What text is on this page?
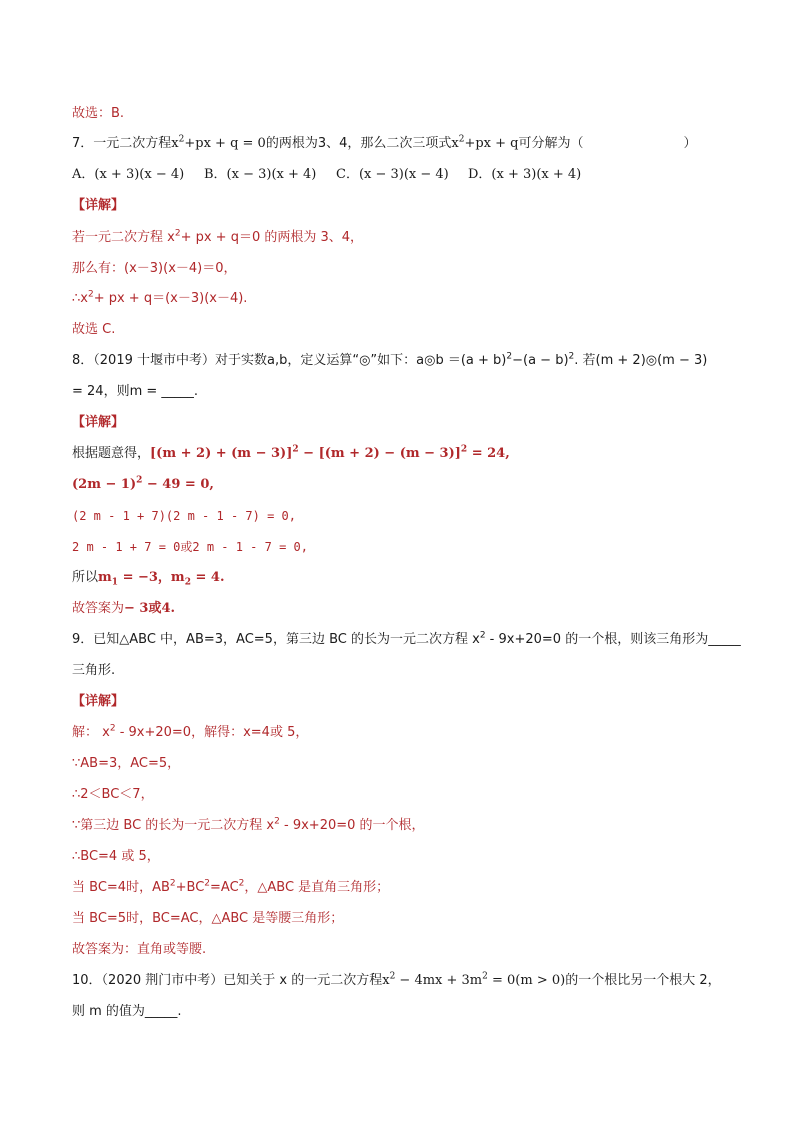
故选：B.
7．一元二次方程$x^2+px + q = 0$的两根为3、4，那么二次三项式$x^2+px + q$可分解为（	）
A．(x + 3)(x − 4) B．(x − 3)(x + 4) C．(x − 3)(x − 4) D．(x + 3)(x + 4)
【详解】
若一元二次方程 $x^2+$ px + q＝0 的两根为 3、4，
那么有：(x－3)(x－4)＝0，
$\therefore x^2+$ px + q＝(x－3)(x－4).
故选 C.
8．（2019 十堰市中考）对于实数a,b，定义运算“◎”如下：a◎b $=(a + b)^2-(a - b)^2$. 若(m + 2)◎(m − 3)
= 24，则m = _____.
【详解】
根据题意得，$[(m + 2) + (m - 3)]^2 - [(m + 2) - (m - 3)]^2 = 24$,
$(2m - 1)^2 - 49 = 0$,
(2 m - 1 + 7)(2 m - 1 - 7) = 0,
2 m - 1 + 7 = 0或2 m - 1 - 7 = 0,
所以$m_1 = -3$，$m_2 = 4$.
故答案为− 3或4.
9．已知△ABC 中，AB=3，AC=5，第三边 BC 的长为一元二次方程 $x^2 - 9x+20=0$ 的一个根，则该三角形为_____
三角形.
【详解】
解： $x^2 - 9x+20=0$，解得：x=4或 5，
∵AB=3，AC=5，
∴2＜BC＜7，
∵第三边 BC 的长为一元二次方程 $x^2 - 9x+20=0$ 的一个根，
∴BC=4 或 5，
当 BC=4时，$AB^2+BC^2=AC^2$，△ABC 是直角三角形；
当 BC=5时，BC=AC，△ABC 是等腰三角形；
故答案为：直角或等腰.
10．（2020 荆门市中考）已知关于 x 的一元二次方程$x^2 - 4mx + 3m^2 = 0(m > 0)$的一个根比另一个根大 2，
则 m 的值为_____.
